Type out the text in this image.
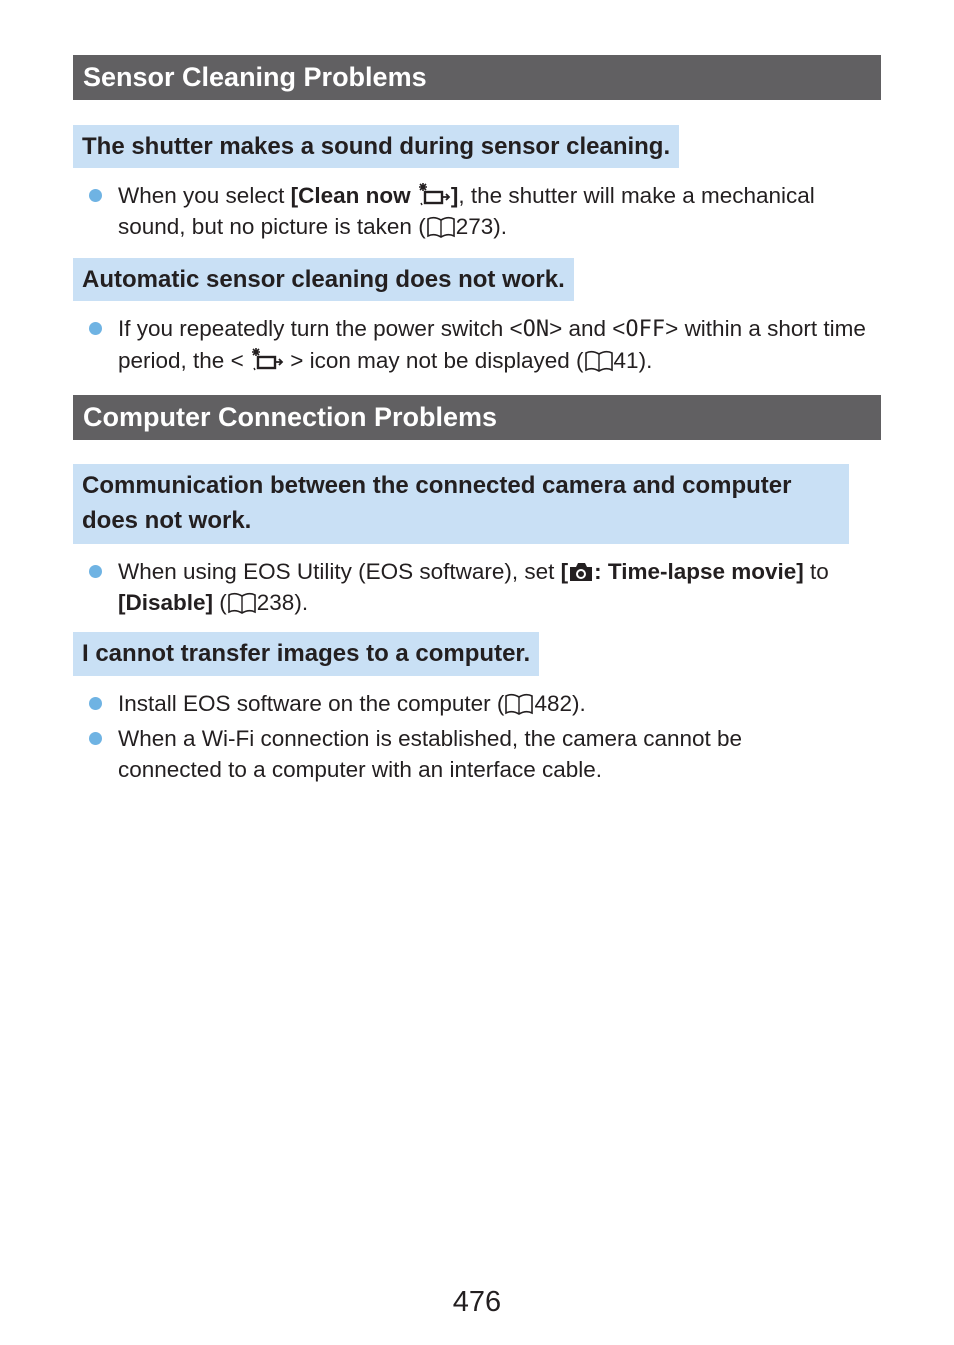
Sensor Cleaning Problems
The shutter makes a sound during sensor cleaning.
When you select [Clean now ], the shutter will make a mechanical sound, but no picture is taken ( 273).
Automatic sensor cleaning does not work.
If you repeatedly turn the power switch <ON> and <OFF> within a short time period, the < > icon may not be displayed ( 41).
Computer Connection Problems
Communication between the connected camera and computer
does not work.
When using EOS Utility (EOS software), set [ : Time-lapse movie] to [Disable] ( 238).
I cannot transfer images to a computer.
Install EOS software on the computer ( 482).
When a Wi-Fi connection is established, the camera cannot be connected to a computer with an interface cable.
476
